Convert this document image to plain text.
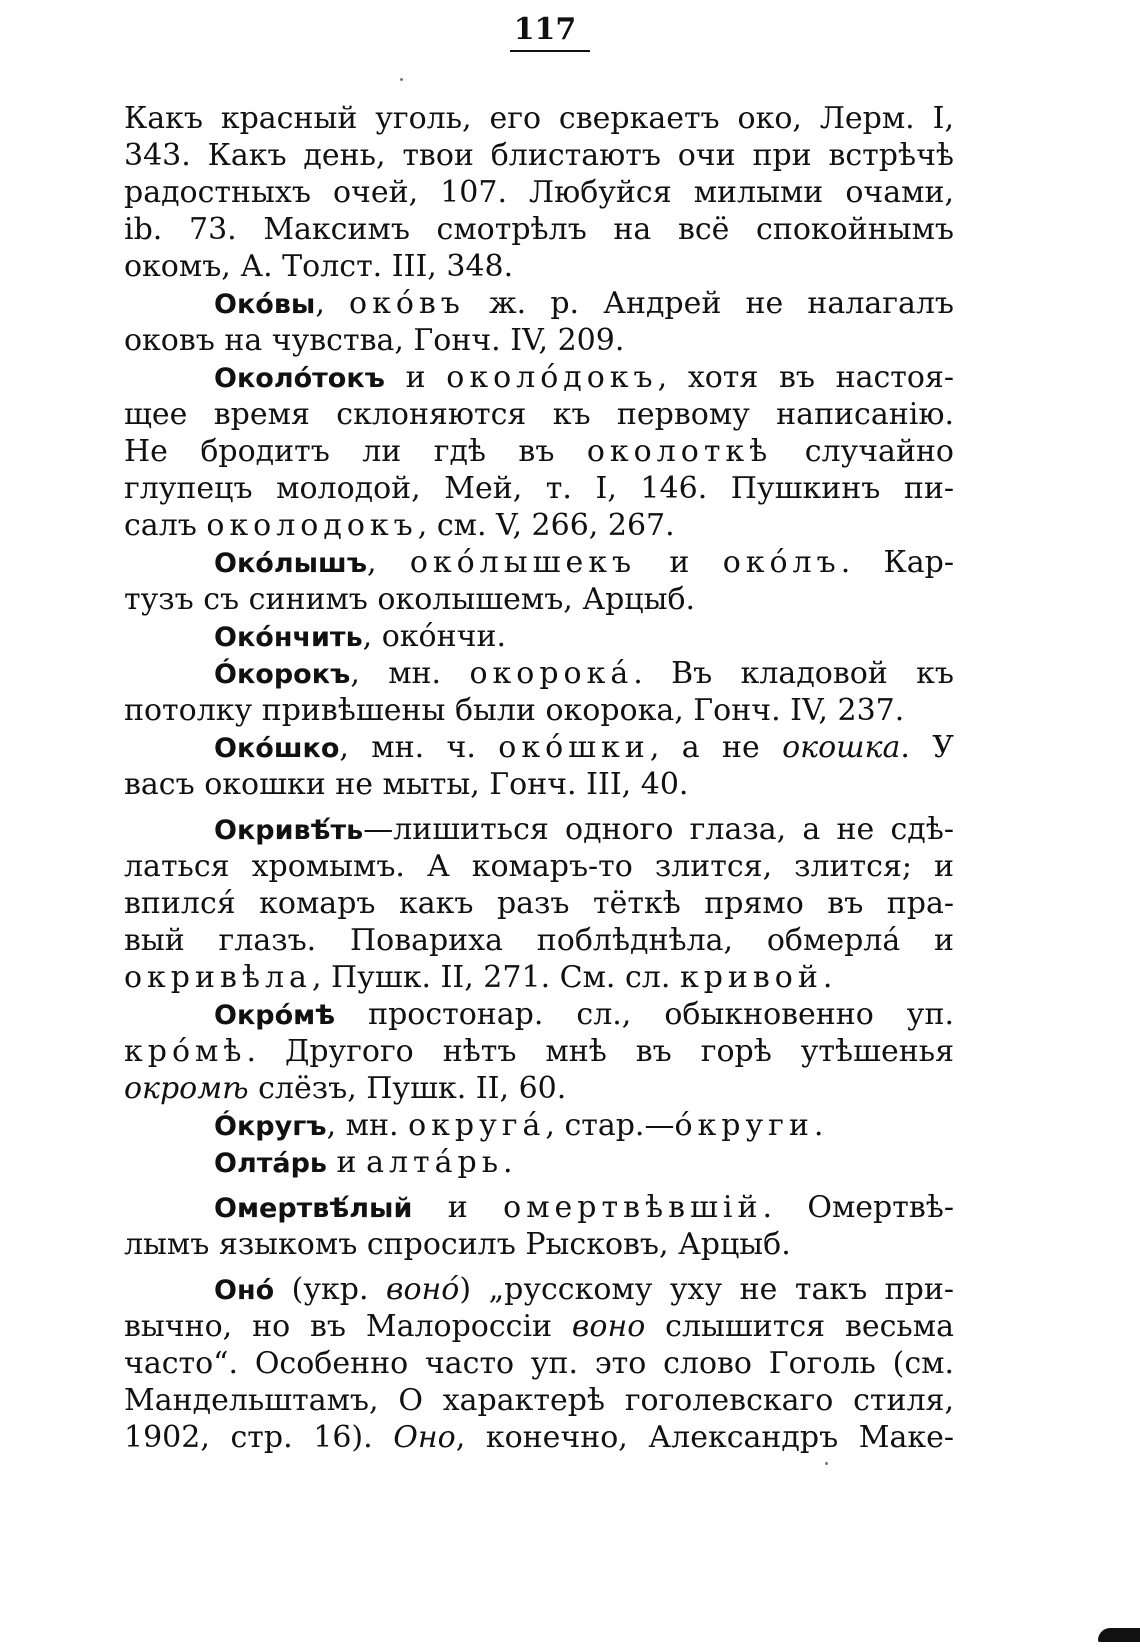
117
Какъ красный уголь, его сверкаетъ око, Лерм. I,
343. Какъ день, твои блистаютъ очи при встрѣчѣ
радостныхъ очей, 107. Любуйся милыми очами,
ib. 73. Максимъ смотрѣлъ на всё спокойнымъ
окомъ, А. Толст. III, 348.
Окóвы, окóвъ ж. р. Андрей не налагалъ
оковъ на чувства, Гонч. IV, 209.
Околóтокъ и околóдокъ, хотя въ настоя-
щее время склоняются къ первому написанію.
Не бродитъ ли гдѣ въ околоткѣ случайно
глупецъ молодой, Мей, т. I, 146. Пушкинъ пи-
салъ околодокъ, см. V, 266, 267.
Окóлышъ, окóлышекъ и окóлъ. Кар-
тузъ съ синимъ околышемъ, Арцыб.
Окóнчить, окóнчи.
Óкорокъ, мн. окорокá. Въ кладовой къ
потолку привѣшены были окорока, Гонч. IV, 237.
Окóшко, мн. ч. окóшки, а не окошка. У
васъ окошки не мыты, Гонч. III, 40.
Окривѣ́ть—лишиться одного глаза, а не сдѣ-
латься хромымъ. А комаръ-то злится, злится; и
впился́ комаръ какъ разъ тёткѣ прямо въ пра-
вый глазъ. Повариха поблѣднѣла, обмерлá и
окривѣла, Пушк. II, 271. См. сл. кривой.
Окрóмѣ простонар. сл., обыкновенно уп.
крóмѣ. Другого нѣтъ мнѣ въ горѣ утѣшенья
окромѣ слёзъ, Пушк. II, 60.
Óкругъ, мн. округá, стар.—óкруги.
Олтáрь и алтáрь.
Омертвѣ́лый и омертвѣвшій. Омертвѣ-
лымъ языкомъ спросилъ Рысковъ, Арцыб.
Онó (укр. вонó) „русскому уху не такъ при-
вычно, но въ Малороссіи воно слышится весьма
часто“. Особенно часто уп. это слово Гоголь (см.
Мандельштамъ, О характерѣ гоголевскаго стиля,
1902, стр. 16). Оно, конечно, Александръ Маке-
